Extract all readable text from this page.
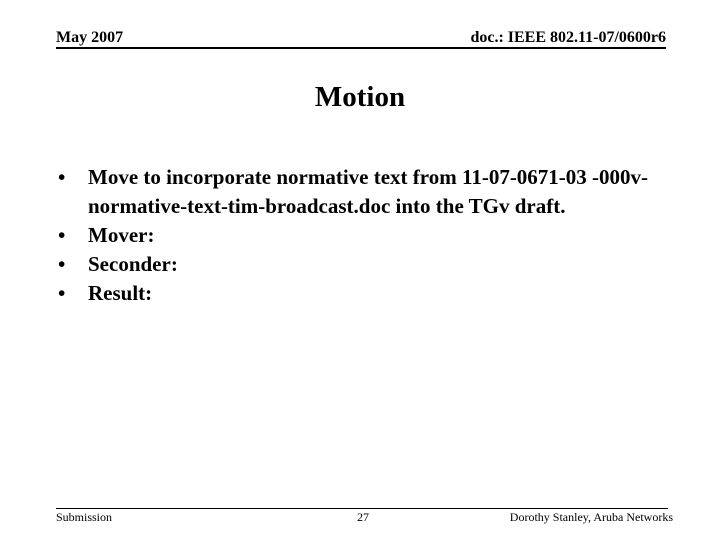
May 2007	doc.: IEEE 802.11-07/0600r6
Motion
•	Move to incorporate normative text from 11-07-0671-03 -000v-normative-text-tim-broadcast.doc into the TGv draft.
•	Mover:
•	Seconder:
•	Result:
Submission	27	Dorothy Stanley, Aruba Networks
